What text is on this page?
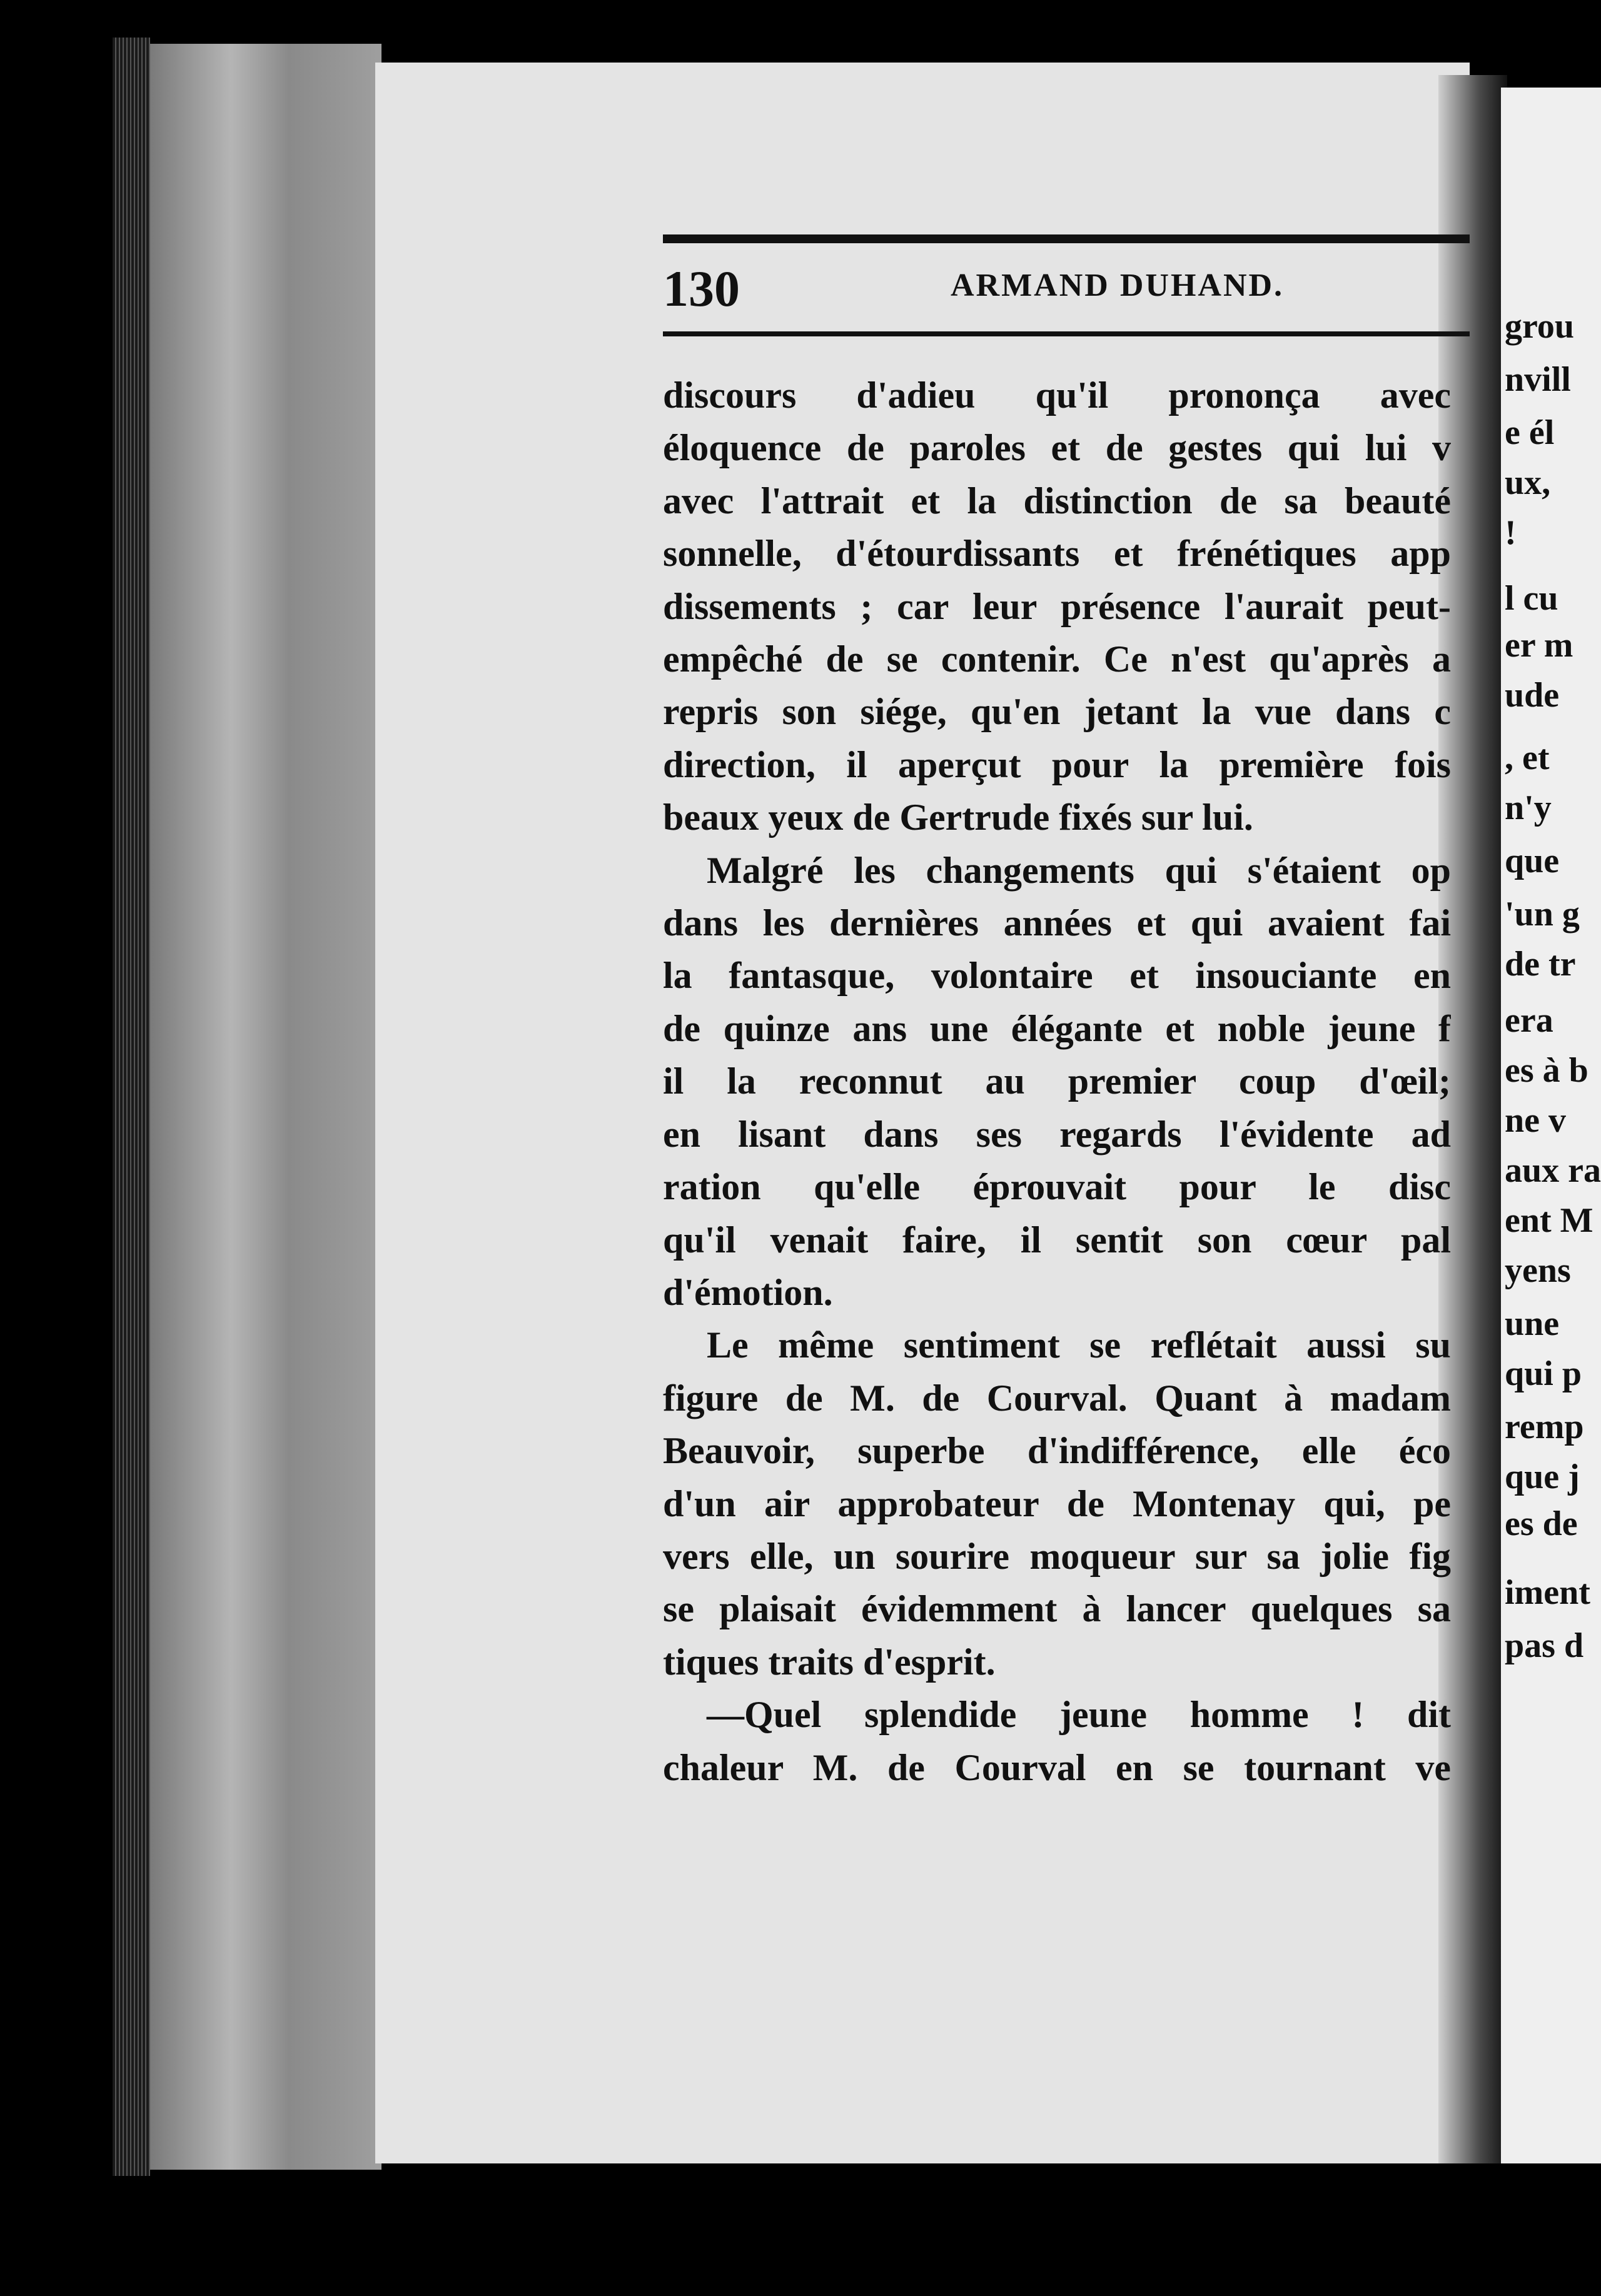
grou
nvill
e él
ux,
!
l cu
er m
ude
, et
n'y
que
'un g
de tr
era
es à b
ne v
aux ra
ent M
yens
une
qui p
remp
que j
es de
iment
pas d
130	ARMAND DUHAND.
discours d'adieu qu'il prononça avec
éloquence de paroles et de gestes qui lui v
avec l'attrait et la distinction de sa beauté
sonnelle, d'étourdissants et frénétiques app
dissements ; car leur présence l'aurait peut-
empêché de se contenir. Ce n'est qu'après a
repris son siége, qu'en jetant la vue dans c
direction, il aperçut pour la première fois
beaux yeux de Gertrude fixés sur lui.
Malgré les changements qui s'étaient op
dans les dernières années et qui avaient fai
la fantasque, volontaire et insouciante en
de quinze ans une élégante et noble jeune f
il la reconnut au premier coup d'œil;
en lisant dans ses regards l'évidente ad
ration qu'elle éprouvait pour le disc
qu'il venait faire, il sentit son cœur pal
d'émotion.
Le même sentiment se reflétait aussi su
figure de M. de Courval. Quant à madam
Beauvoir, superbe d'indifférence, elle éco
d'un air approbateur de Montenay qui, pe
vers elle, un sourire moqueur sur sa jolie fig
se plaisait évidemment à lancer quelques sa
tiques traits d'esprit.
—Quel splendide jeune homme ! dit
chaleur M. de Courval en se tournant ve
